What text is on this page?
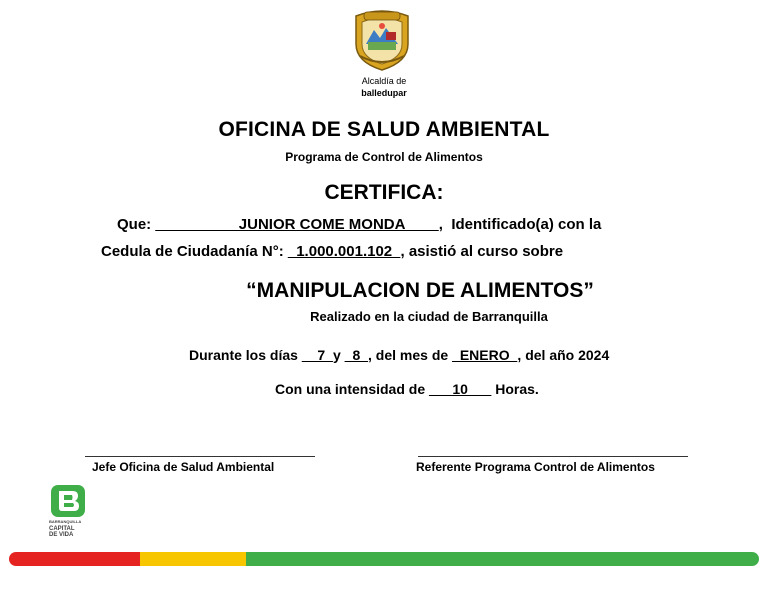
Alcaldía de
balledupar
OFICINA DE SALUD AMBIENTAL
Programa de Control de Alimentos
CERTIFICA:
Que: __________JUNIOR COME MONDA____, Identificado(a) con la
Cedula de Ciudadanía N°: _1.000.001.102_, asistió al curso sobre
“MANIPULACION DE ALIMENTOS”
Realizado en la ciudad de Barranquilla
Durante los días __7_y _8_, del mes de _ENERO_, del año 2024
Con una intensidad de ___10___ Horas.
Jefe Oficina de Salud Ambiental	Referente Programa Control de Alimentos
BARRANQUILLA
CAPITAL
DE VIDA
